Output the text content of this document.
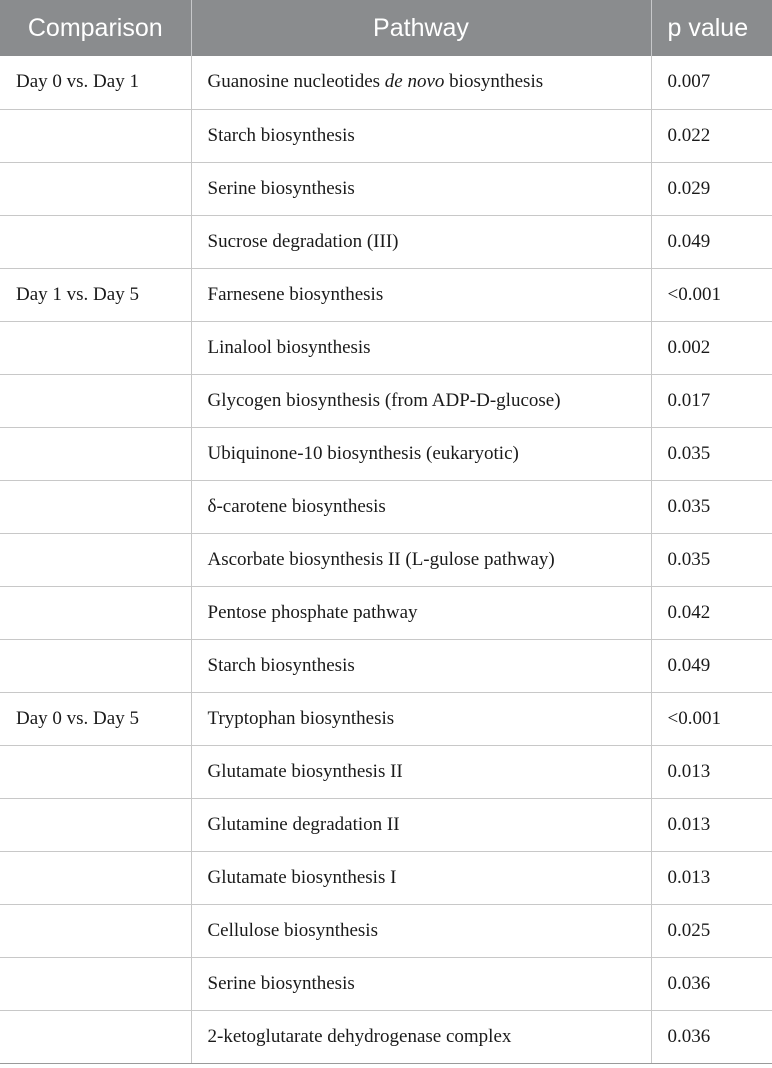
Comparison	Pathway	p value
Day 0 vs. Day 1	Guanosine nucleotides de novo biosynthesis	0.007
	Starch biosynthesis	0.022
	Serine biosynthesis	0.029
	Sucrose degradation (III)	0.049
Day 1 vs. Day 5	Farnesene biosynthesis	<0.001
	Linalool biosynthesis	0.002
	Glycogen biosynthesis (from ADP-D-glucose)	0.017
	Ubiquinone-10 biosynthesis (eukaryotic)	0.035
	δ-carotene biosynthesis	0.035
	Ascorbate biosynthesis II (L-gulose pathway)	0.035
	Pentose phosphate pathway	0.042
	Starch biosynthesis	0.049
Day 0 vs. Day 5	Tryptophan biosynthesis	<0.001
	Glutamate biosynthesis II	0.013
	Glutamine degradation II	0.013
	Glutamate biosynthesis I	0.013
	Cellulose biosynthesis	0.025
	Serine biosynthesis	0.036
	2-ketoglutarate dehydrogenase complex	0.036
